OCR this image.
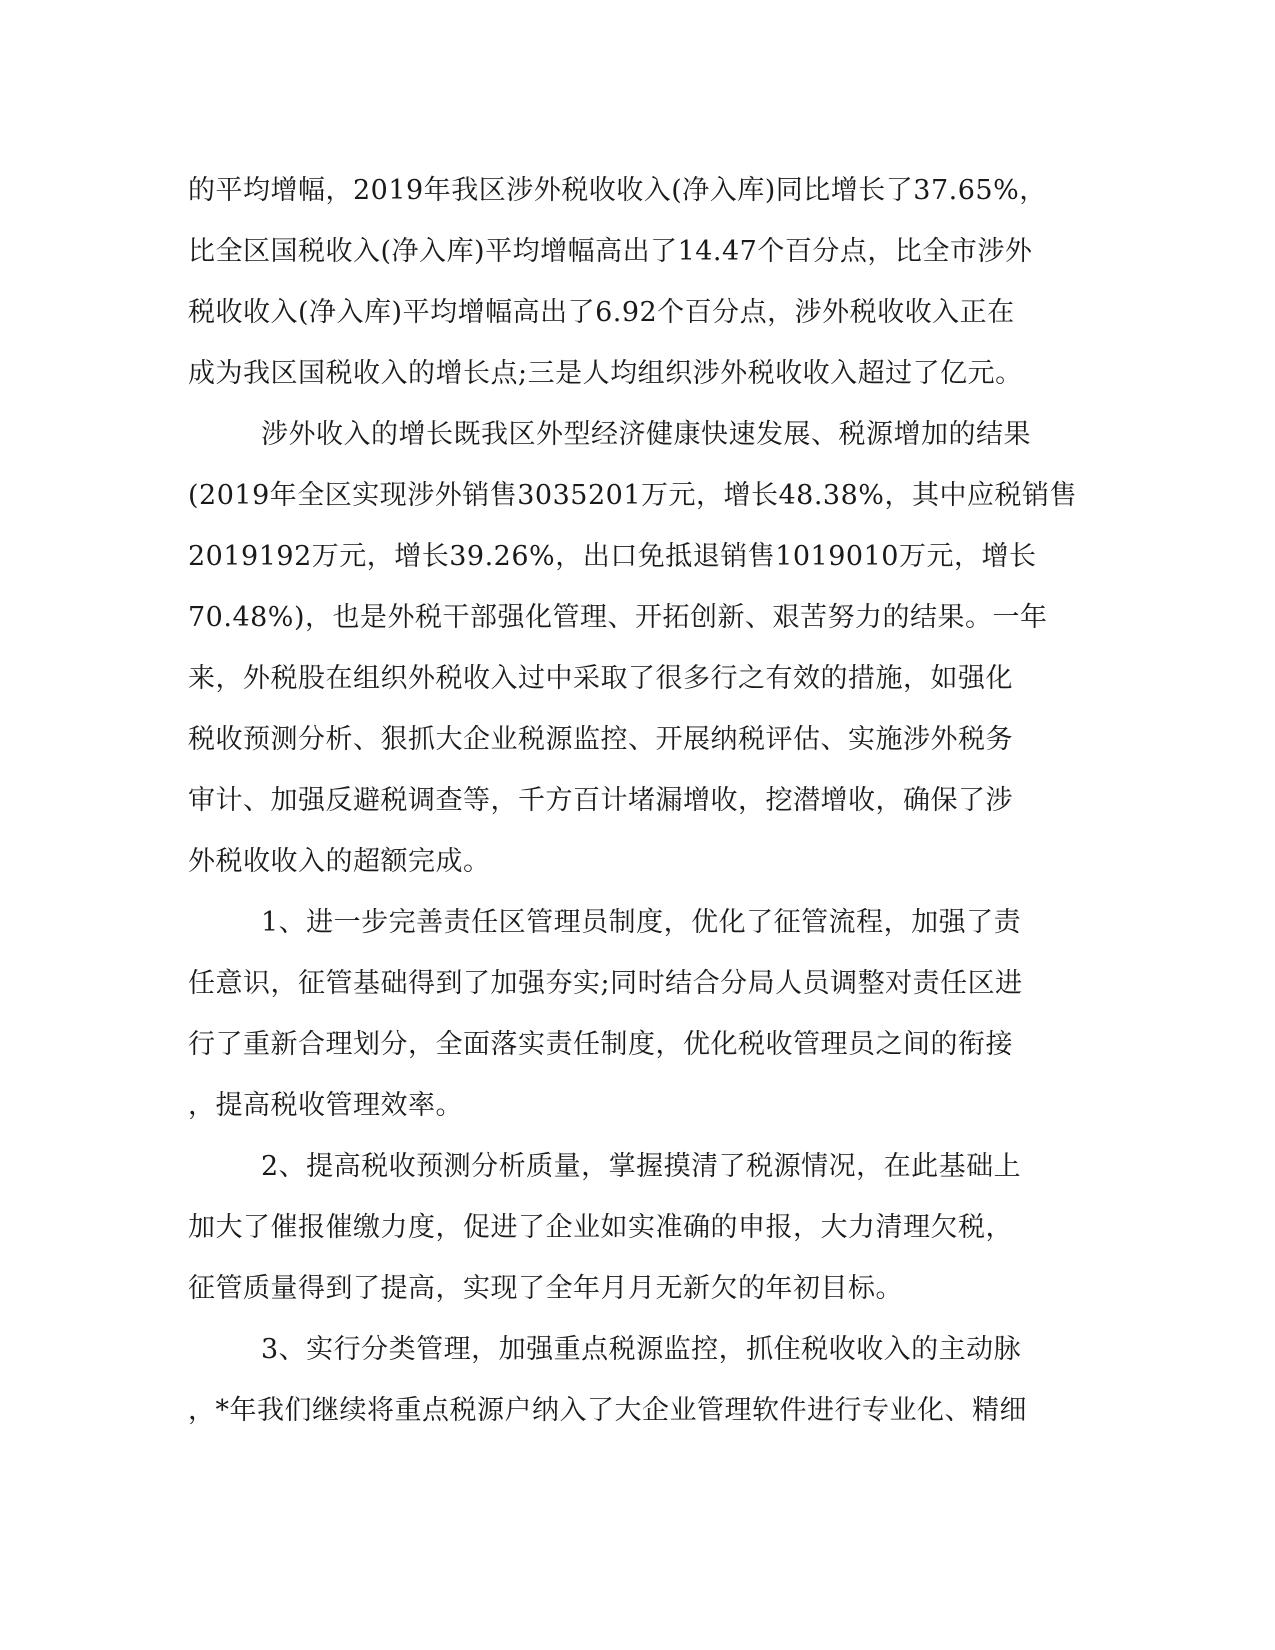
的平均增幅，2019年我区涉外税收收入(净入库)同比增长了37.65%，
比全区国税收入(净入库)平均增幅高出了14.47个百分点，比全市涉外
税收收入(净入库)平均增幅高出了6.92个百分点，涉外税收收入正在
成为我区国税收入的增长点;三是人均组织涉外税收收入超过了亿元。
涉外收入的增长既我区外型经济健康快速发展、税源增加的结果
(2019年全区实现涉外销售3035201万元，增长48.38%，其中应税销售
2019192万元，增长39.26%，出口免抵退销售1019010万元，增长
70.48%)，也是外税干部强化管理、开拓创新、艰苦努力的结果。一年
来，外税股在组织外税收入过中采取了很多行之有效的措施，如强化
税收预测分析、狠抓大企业税源监控、开展纳税评估、实施涉外税务
审计、加强反避税调查等，千方百计堵漏增收，挖潜增收，确保了涉
外税收收入的超额完成。
1、进一步完善责任区管理员制度，优化了征管流程，加强了责
任意识，征管基础得到了加强夯实;同时结合分局人员调整对责任区进
行了重新合理划分，全面落实责任制度，优化税收管理员之间的衔接
，提高税收管理效率。
2、提高税收预测分析质量，掌握摸清了税源情况，在此基础上
加大了催报催缴力度，促进了企业如实准确的申报，大力清理欠税，
征管质量得到了提高，实现了全年月月无新欠的年初目标。
3、实行分类管理，加强重点税源监控，抓住税收收入的主动脉
，*年我们继续将重点税源户纳入了大企业管理软件进行专业化、精细
